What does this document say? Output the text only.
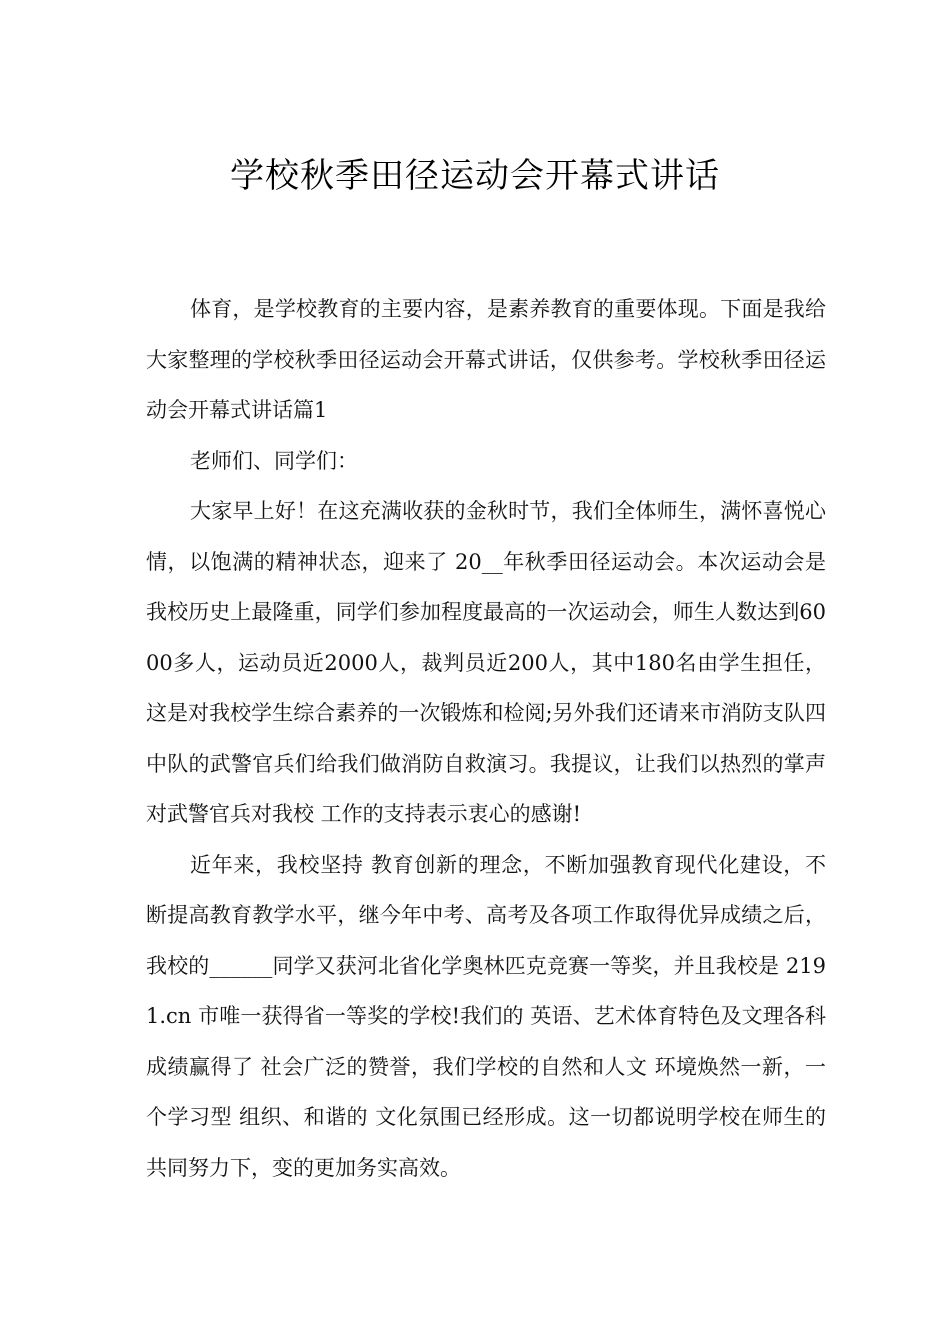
学校秋季田径运动会开幕式讲话

体育，是学校教育的主要内容，是素养教育的重要体现。下面是我给大家整理的学校秋季田径运动会开幕式讲话，仅供参考。学校秋季田径运动会开幕式讲话篇1

老师们、同学们：

大家早上好！在这充满收获的金秋时节，我们全体师生，满怀喜悦心情，以饱满的精神状态，迎来了 20__年秋季田径运动会。本次运动会是我校历史上最隆重，同学们参加程度最高的一次运动会，师生人数达到6000多人，运动员近2000人，裁判员近200人，其中180名由学生担任，这是对我校学生综合素养的一次锻炼和检阅;另外我们还请来市消防支队四中队的武警官兵们给我们做消防自救演习。我提议，让我们以热烈的掌声对武警官兵对我校 工作的支持表示衷心的感谢!

近年来，我校坚持 教育创新的理念，不断加强教育现代化建设，不断提高教育教学水平，继今年中考、高考及各项工作取得优异成绩之后，我校的______同学又获河北省化学奥林匹克竞赛一等奖，并且我校是 2191.cn 市唯一获得省一等奖的学校!我们的 英语、艺术体育特色及文理各科成绩赢得了 社会广泛的赞誉，我们学校的自然和人文 环境焕然一新，一个学习型 组织、和谐的 文化氛围已经形成。这一切都说明学校在师生的共同努力下，变的更加务实高效。
